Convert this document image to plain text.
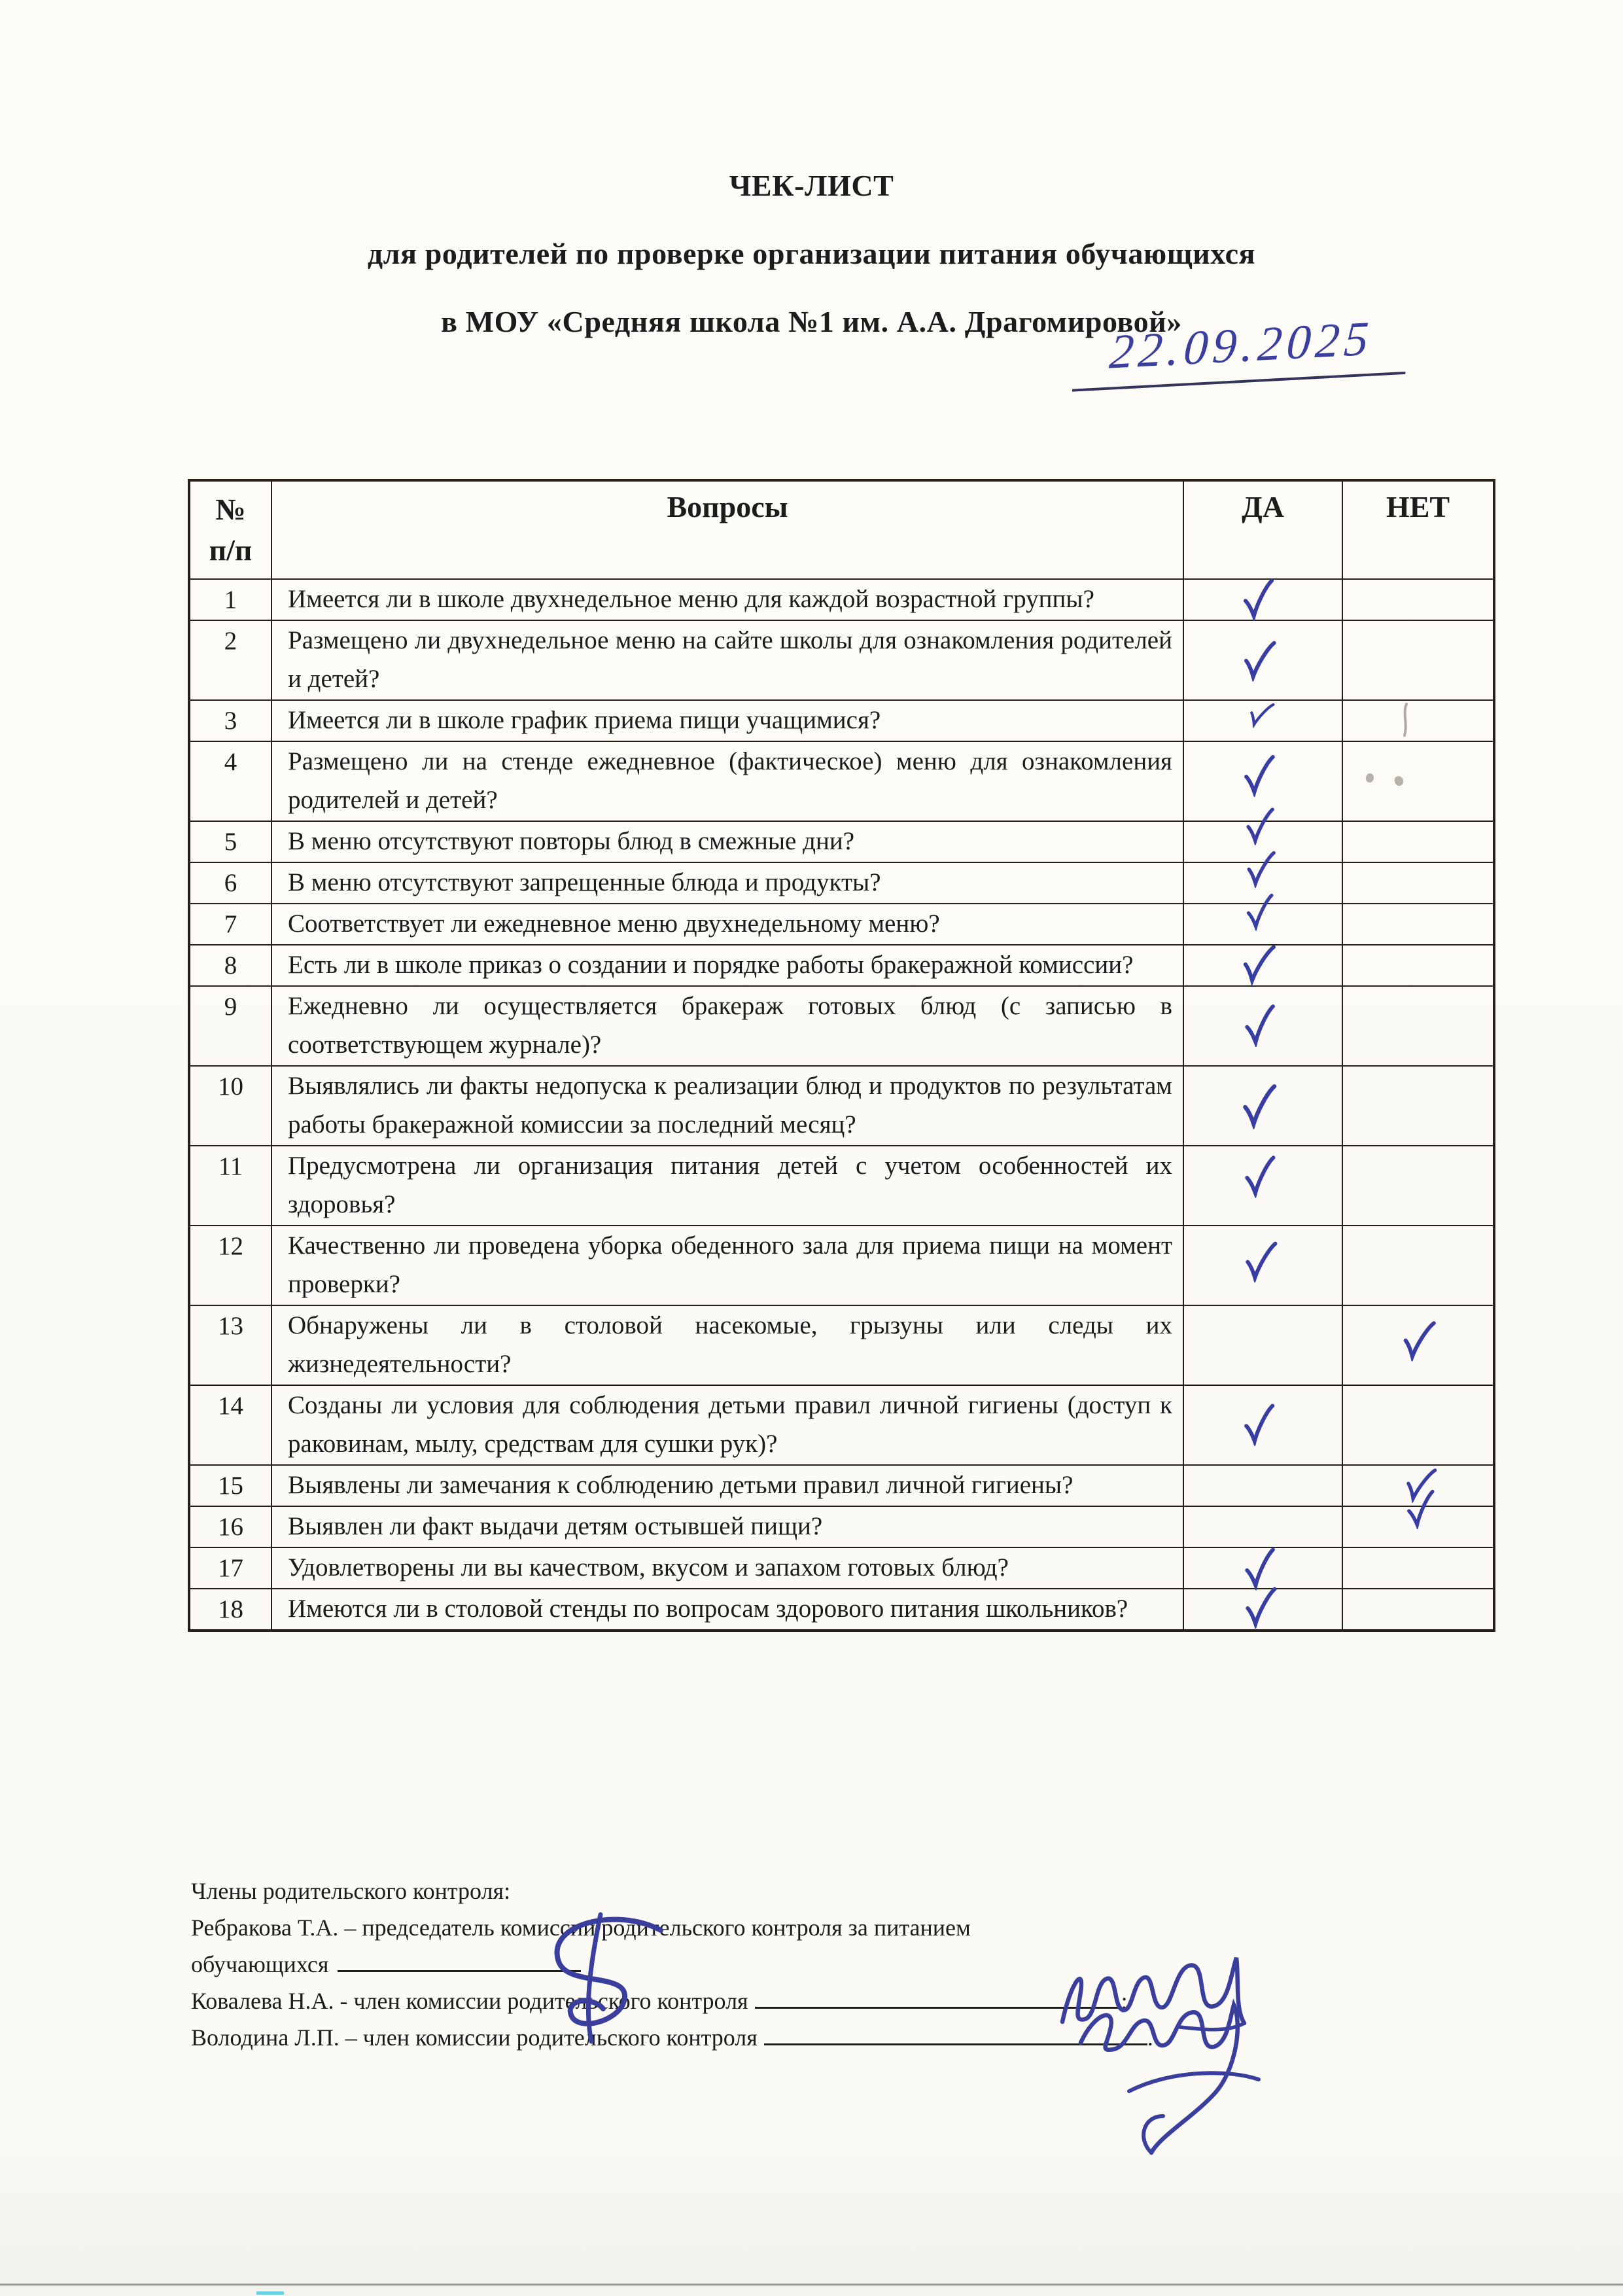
ЧЕК-ЛИСТ
для родителей по проверке организации питания обучающихся
в МОУ «Средняя школа №1 им. А.А. Драгомировой»
22.09.2025
№
п/п	Вопросы	ДА	НЕТ
1	Имеется ли в школе двухнедельное меню для каждой возрастной группы?	

2	Размещено ли двухнедельное меню на сайте школы для ознакомления родителей и детей?	

3	Имеется ли в школе график приема пищи учащимися?	

4	Размещено ли на стенде ежедневное (фактическое) меню для ознакомления родителей и детей?	

5	В меню отсутствуют повторы блюд в смежные дни?	

6	В меню отсутствуют запрещенные блюда и продукты?	

7	Соответствует ли ежедневное меню двухнедельному меню?	

8	Есть ли в школе приказ о создании и порядке работы бракеражной комиссии?	

9	Ежедневно ли осуществляется бракераж готовых блюд (с записью в соответствующем журнале)?	

10	Выявлялись ли факты недопуска к реализации блюд и продуктов по результатам работы бракеражной комиссии за последний месяц?	

11	Предусмотрена ли организация питания детей с учетом особенностей их здоровья?	

12	Качественно ли проведена уборка обеденного зала для приема пищи на момент проверки?	

13	Обнаружены ли в столовой насекомые, грызуны или следы их жизнедеятельности?		

14	Созданы ли условия для соблюдения детьми правил личной гигиены (доступ к раковинам, мылу, средствам для сушки рук)?	

15	Выявлены ли замечания к соблюдению детьми правил личной гигиены?		

16	Выявлен ли факт выдачи детям остывшей пищи?		

17	Удовлетворены ли вы качеством, вкусом и запахом готовых блюд?	

18	Имеются ли в столовой стенды по вопросам здорового питания школьников?	

Члены родительского контроля:
Ребракова Т.А. – председатель комиссии родительского контроля за питанием
обучающихся
Ковалева Н.А. - член комиссии родительского контроля	;
Володина Л.П. – член комиссии родительского контроля	.
